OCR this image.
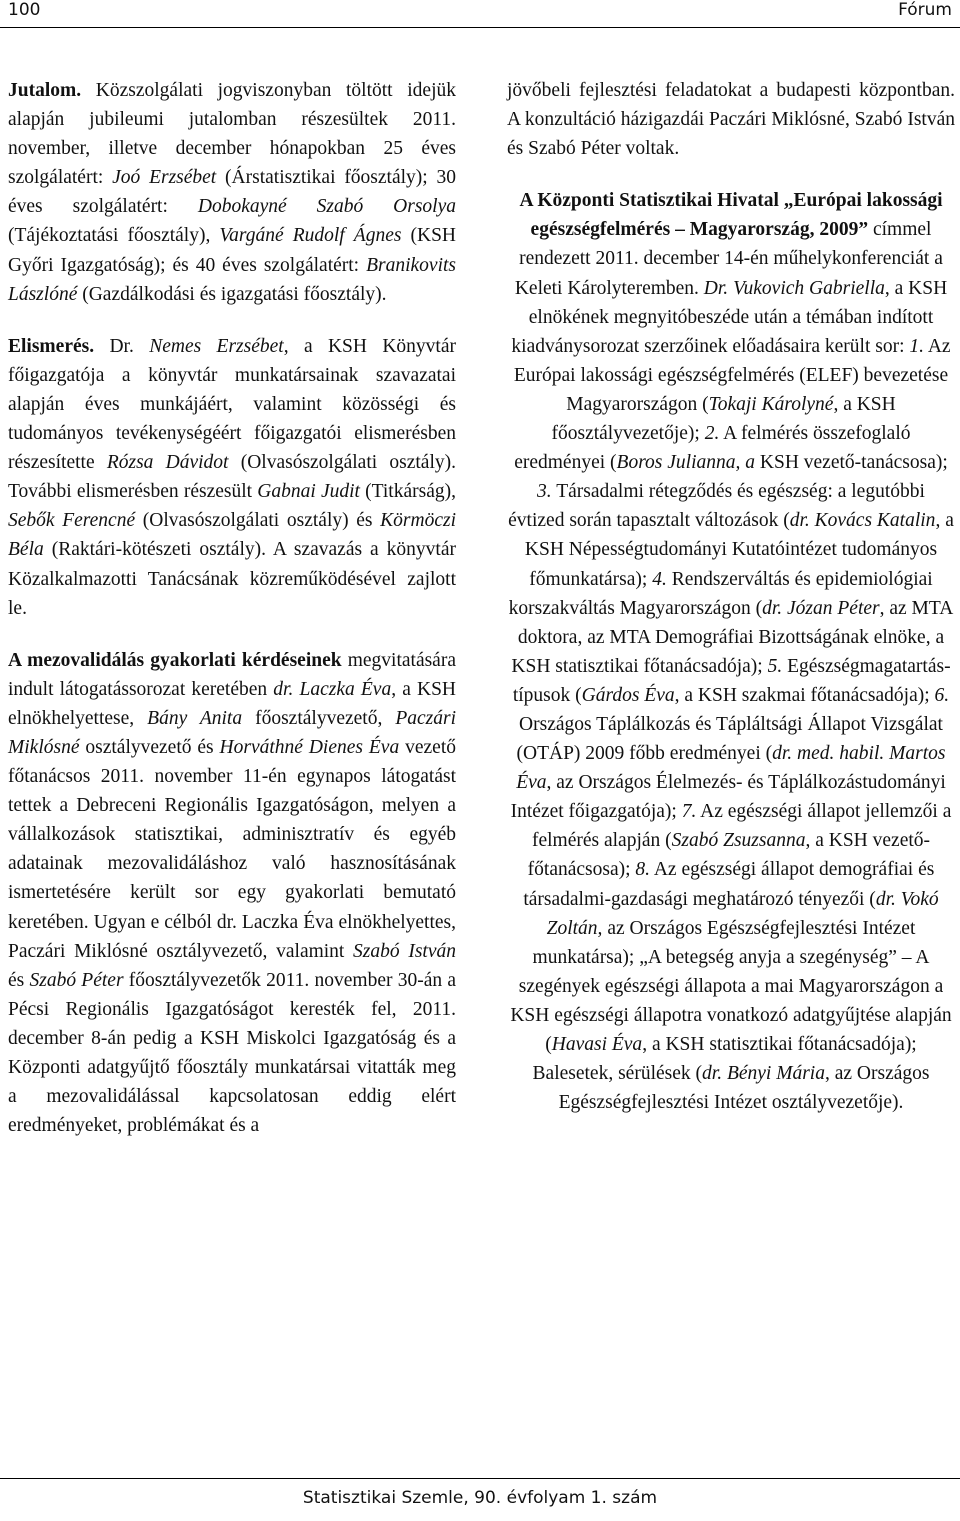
100	Fórum

Jutalom. Közszolgálati jogviszonyban töltött idejük alapján jubileumi jutalomban részesültek 2011. november, illetve december hónapokban 25 éves szolgálatért: Joó Erzsébet (Árstatisztikai főosztály); 30 éves szolgálatért: Dobokayné Szabó Orsolya (Tájékoztatási főosztály), Vargáné Rudolf Ágnes (KSH Győri Igazgatóság); és 40 éves szolgálatért: Branikovits Lászlóné (Gazdálkodási és igazgatási főosztály).

Elismerés. Dr. Nemes Erzsébet, a KSH Könyvtár főigazgatója a könyvtár munkatársainak szavazatai alapján éves munkájáért, valamint közösségi és tudományos tevékenységéért főigazgatói elismerésben részesítette Rózsa Dávidot (Olvasószolgálati osztály). További elismerésben részesült Gabnai Judit (Titkárság), Sebők Ferencné (Olvasószolgálati osztály) és Körmöczi Béla (Raktári-kötészeti osztály). A szavazás a könyvtár Közalkalmazotti Tanácsának közreműködésével zajlott le.

A mezovalidálás gyakorlati kérdéseinek megvitatására indult látogatássorozat keretében dr. Laczka Éva, a KSH elnökhelyettese, Bány Anita főosztályvezető, Paczári Miklósné osztályvezető és Horváthné Dienes Éva vezető főtanácsos 2011. november 11-én egynapos látogatást tettek a Debreceni Regionális Igazgatóságon, melyen a vállalkozások statisztikai, adminisztratív és egyéb adatainak mezovalidáláshoz való hasznosításának ismertetésére került sor egy gyakorlati bemutató keretében. Ugyan e célból dr. Laczka Éva elnökhelyettes, Paczári Miklósné osztályvezető, valamint Szabó István és Szabó Péter főosztályvezetők 2011. november 30-án a Pécsi Regionális Igazgatóságot keresték fel, 2011. december 8-án pedig a KSH Miskolci Igazgatóság és a Központi adatgyűjtő főosztály munkatársai vitatták meg a mezovalidálással kapcsolatosan eddig elért eredményeket, problémákat és a

jövőbeli fejlesztési feladatokat a budapesti központban. A konzultáció házigazdái Paczári Miklósné, Szabó István és Szabó Péter voltak.

A Központi Statisztikai Hivatal „Európai lakossági egészségfelmérés – Magyarország, 2009” címmel rendezett 2011. december 14-én műhelykonferenciát a Keleti Károlyteremben. Dr. Vukovich Gabriella, a KSH elnökének megnyitóbeszéde után a témában indított kiadványsorozat szerzőinek előadásaira került sor: 1. Az Európai lakossági egészségfelmérés (ELEF) bevezetése Magyarországon (Tokaji Károlyné, a KSH főosztályvezetője); 2. A felmérés összefoglaló eredményei (Boros Julianna, a KSH vezető-tanácsosa); 3. Társadalmi rétegződés és egészség: a legutóbbi évtized során tapasztalt változások (dr. Kovács Katalin, a KSH Népességtudományi Kutatóintézet tudományos főmunkatársa); 4. Rendszerváltás és epidemiológiai korszakváltás Magyarországon (dr. Józan Péter, az MTA doktora, az MTA Demográfiai Bizottságának elnöke, a KSH statisztikai főtanácsadója); 5. Egészségmagatartás-típusok (Gárdos Éva, a KSH szakmai főtanácsadója); 6. Országos Táplálkozás és Tápláltsági Állapot Vizsgálat (OTÁP) 2009 főbb eredményei (dr. med. habil. Martos Éva, az Országos Élelmezés- és Táplálkozástudományi Intézet főigazgatója); 7. Az egészségi állapot jellemzői a felmérés alapján (Szabó Zsuzsanna, a KSH vezető-főtanácsosa); 8. Az egészségi állapot demográfiai és társadalmi-gazdasági meghatározó tényezői (dr. Vokó Zoltán, az Országos Egészségfejlesztési Intézet munkatársa); „A betegség anyja a szegénység” – A szegények egészségi állapota a mai Magyarországon a KSH egészségi állapotra vonatkozó adatgyűjtése alapján (Havasi Éva, a KSH statisztikai főtanácsadója); Balesetek, sérülések (dr. Bényi Mária, az Országos Egészségfejlesztési Intézet osztályvezetője).

Statisztikai Szemle, 90. évfolyam 1. szám
